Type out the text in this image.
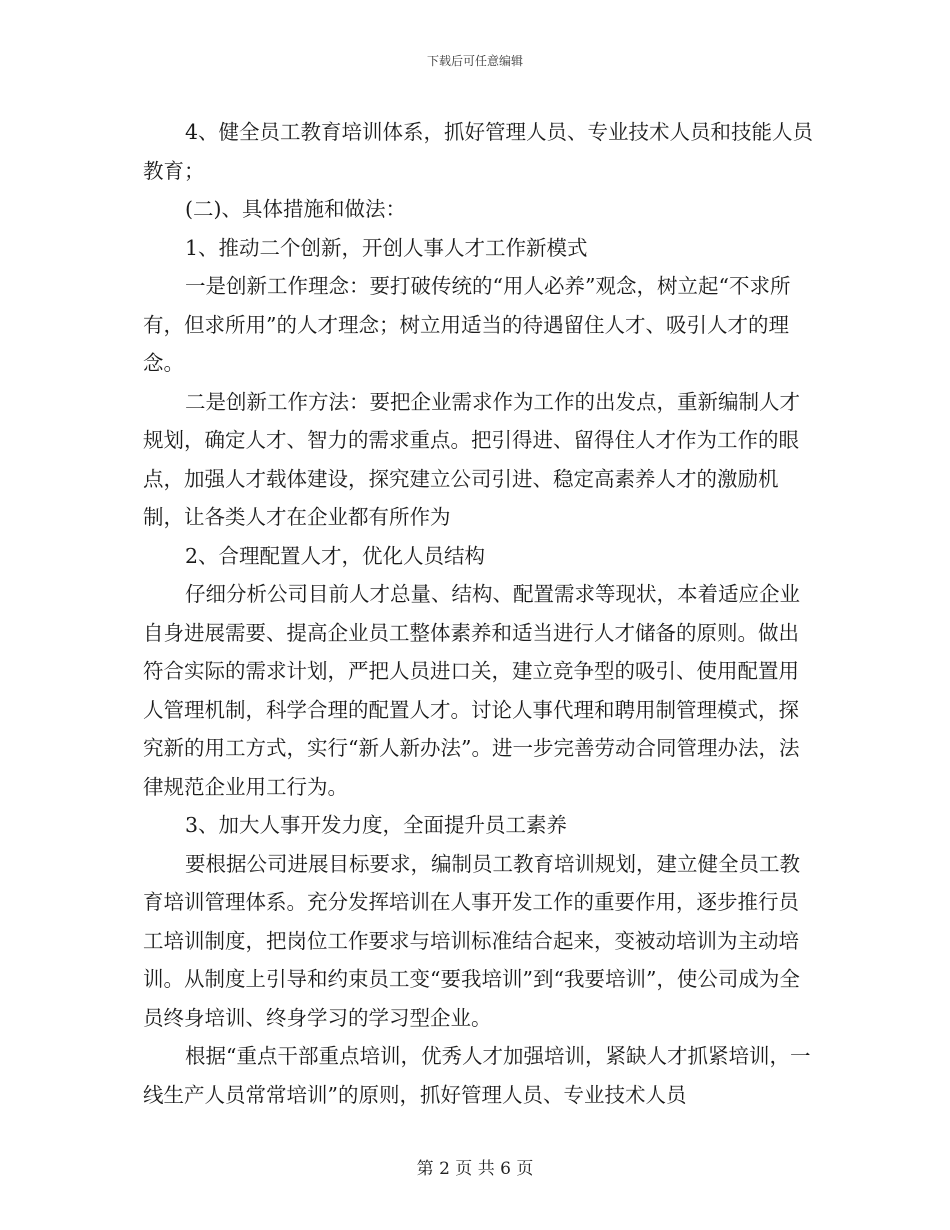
下载后可任意编辑

4、健全员工教育培训体系，抓好管理人员、专业技术人员和技能人员教育；

(二)、具体措施和做法：

1、推动二个创新，开创人事人才工作新模式

一是创新工作理念：要打破传统的“用人必养”观念，树立起“不求所有，但求所用”的人才理念；树立用适当的待遇留住人才、吸引人才的理念。

二是创新工作方法：要把企业需求作为工作的出发点，重新编制人才规划，确定人才、智力的需求重点。把引得进、留得住人才作为工作的眼点，加强人才载体建设，探究建立公司引进、稳定高素养人才的激励机制，让各类人才在企业都有所作为

2、合理配置人才，优化人员结构

仔细分析公司目前人才总量、结构、配置需求等现状，本着适应企业自身进展需要、提高企业员工整体素养和适当进行人才储备的原则。做出符合实际的需求计划，严把人员进口关，建立竞争型的吸引、使用配置用人管理机制，科学合理的配置人才。讨论人事代理和聘用制管理模式，探究新的用工方式，实行“新人新办法”。进一步完善劳动合同管理办法，法律规范企业用工行为。

3、加大人事开发力度，全面提升员工素养

要根据公司进展目标要求，编制员工教育培训规划，建立健全员工教育培训管理体系。充分发挥培训在人事开发工作的重要作用，逐步推行员工培训制度，把岗位工作要求与培训标准结合起来，变被动培训为主动培训。从制度上引导和约束员工变“要我培训”到“我要培训”，使公司成为全员终身培训、终身学习的学习型企业。

根据“重点干部重点培训，优秀人才加强培训，紧缺人才抓紧培训，一线生产人员常常培训”的原则，抓好管理人员、专业技术人员

第 2 页 共 6 页
